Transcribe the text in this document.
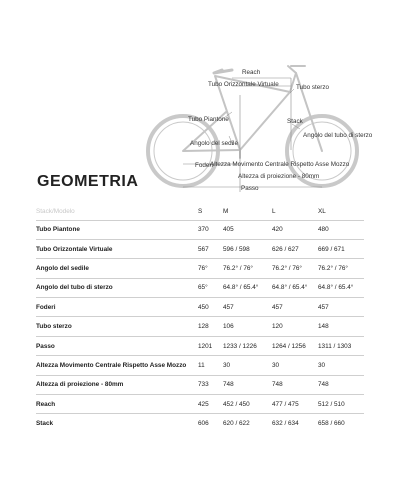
Reach
Tubo Orizzontale Virtuale	Tubo sterzo
Tubo Piantone	Stack
Angolo del tubo di sterzo
Angolo del sedile
Foderi
Altezza Movimento Centrale Rispetto Asse Mozzo
Altezza di proiezione - 80mm
Passo
GEOMETRIA
Stack/Modelo	S	M	L	XL
Tubo Piantone	370	405	420	480
Tubo Orizzontale Virtuale	567	596 / 598	626 / 627	669 / 671
Angolo del sedile	76°	76.2° / 76°	76.2° / 76°	76.2° / 76°
Angolo del tubo di sterzo	65°	64.8° / 65.4°	64.8° / 65.4°	64.8° / 65.4°
Foderi	450	457	457	457
Tubo sterzo	128	106	120	148
Passo	1201	1233 / 1226	1264 / 1256	1311 / 1303
Altezza Movimento Centrale Rispetto Asse Mozzo	11	30	30	30
Altezza di proiezione - 80mm	733	748	748	748
Reach	425	452 / 450	477 / 475	512 / 510
Stack	606	620 / 622	632 / 634	658 / 660
